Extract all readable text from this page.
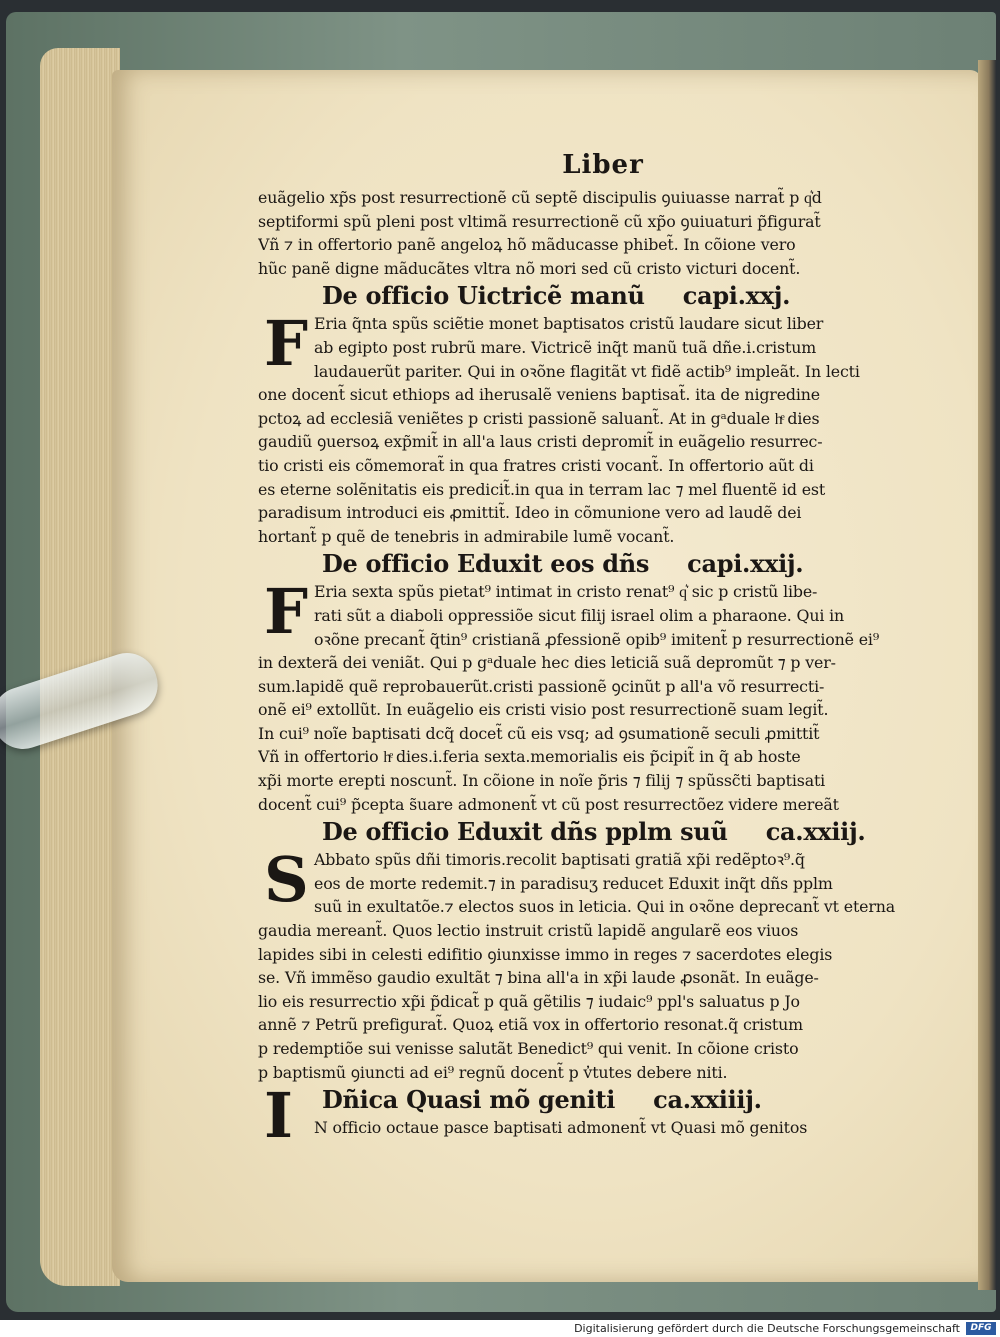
Liber
euãgelio xp̃s post resurrectionẽ cũ septẽ discipulis ꝯuiuasse narrat̃ p q͛d
septiformi spũ pleni post vltimã resurrectionẽ cũ xp̃o ꝯuiuaturi p̃figurat̃
Vñ ⁊ in offertorio panẽ angeloꝝ hõ mãducasse phibet̃. In cõione vero
hũc panẽ digne mãducãtes vltra nõ mori sed cũ cristo victuri docent̃.
De officio Uictricẽ manũ capi.xxj.
Eria q̃nta spũs sciẽtie monet baptisatos cristũ laudare sicut liber
ab egipto post rubrũ mare. Victricẽ inq̃t manũ tuã dñe.i.cristum
laudauerũt pariter. Qui in oꝛõne flagitãt vt fidẽ actib⁹ impleãt. In lecti
one docent̃ sicut ethiops ad iherusalẽ veniens baptisat̃. ita de nigredine
pctoꝝ ad ecclesiã veniẽtes p cristi passionẽ saluant̃. At in gᵃduale hͤ dies
gaudiũ ꝯuersoꝝ exp̃mit̃ in all'a laus cristi depromit̃ in euãgelio resurrec-
tio cristi eis cõmemorat̃ in qua fratres cristi vocant̃. In offertorio aũt di
es eterne solẽnitatis eis predicit̃.in qua in terram lac ⁊ mel fluentẽ id est
paradisum introduci eis ꝓmittit̃. Ideo in cõmunione vero ad laudẽ dei
hortant̃ p quẽ de tenebris in admirabile lumẽ vocant̃.
F
De officio Eduxit eos dñs capi.xxij.
Eria sexta spũs pietat⁹ intimat in cristo renat⁹ q͛ sic p cristũ libe-
rati sũt a diaboli oppressiõe sicut filij israel olim a pharaone. Qui in
oꝛõne precant̃ q̃tin⁹ cristianã ꝓfessionẽ opib⁹ imitent̃ p resurrectionẽ ei⁹
in dexterã dei veniãt. Qui p gᵃduale hec dies leticiã suã depromũt ⁊ p ver-
sum.lapidẽ quẽ reprobauerũt.cristi passionẽ ꝯcinũt p all'a võ resurrecti-
onẽ ei⁹ extollũt. In euãgelio eis cristi visio post resurrectionẽ suam legit̃.
In cui⁹ noĩe baptisati dcq̃ docet̃ cũ eis vsq; ad ꝯsumationẽ seculi ꝓmittit̃
Vñ in offertorio hͤ dies.i.feria sexta.memorialis eis p̃cipit̃ in q̃ ab hoste
xp̃i morte erepti noscunt̃. In cõione in noĩe p̃ris ⁊ filij ⁊ spũssc̃ti baptisati
docent̃ cui⁹ p̃cepta s̃uare admonent̃ vt cũ post resurrectõez videre mereãt
F
De officio Eduxit dñs pplm suũ ca.xxiij.
Abbato spũs dñi timoris.recolit baptisati gratiã xp̃i redẽptoꝛ⁹.q̃
eos de morte redemit.⁊ in paradisuʒ reducet Eduxit inq̃t dñs pplm
suũ in exultatõe.⁊ electos suos in leticia. Qui in oꝛõne deprecant̃ vt eterna
gaudia mereant̃. Quos lectio instruit cristũ lapidẽ angularẽ eos viuos
lapides sibi in celesti edifitio ꝯiunxisse immo in reges ⁊ sacerdotes elegis
se. Vñ immẽso gaudio exultãt ⁊ bina all'a in xp̃i laude ꝓsonãt. In euãge-
lio eis resurrectio xp̃i p̃dicat̃ p quã gẽtilis ⁊ iudaic⁹ ppl's saluatus p Jo
annẽ ⁊ Petrũ prefigurat̃. Quoꝝ etiã vox in offertorio resonat.q̃ cristum
p redemptiõe sui venisse salutãt Benedict⁹ qui venit. In cõione cristo
p baptismũ ꝯiuncti ad ei⁹ regnũ docent̃ p v̓tutes debere niti.
S
Dñica Quasi mõ geniti ca.xxiiij.
N officio octaue pasce baptisati admonent̃ vt Quasi mõ genitos
I
Digitalisierung gefördert durch die Deutsche Forschungsgemeinschaft	DFG
